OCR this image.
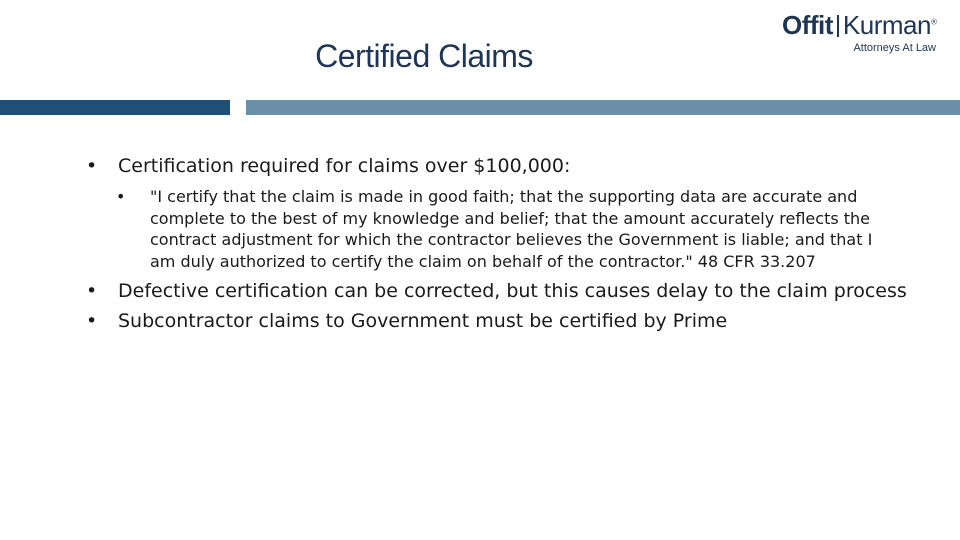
Certified Claims
Offit Kurman®
Attorneys At Law
• Certification required for claims over $100,000:
• "I certify that the claim is made in good faith; that the supporting data are accurate and
complete to the best of my knowledge and belief; that the amount accurately reflects the
contract adjustment for which the contractor believes the Government is liable; and that I
am duly authorized to certify the claim on behalf of the contractor." 48 CFR 33.207
• Defective certification can be corrected, but this causes delay to the claim process
• Subcontractor claims to Government must be certified by Prime
